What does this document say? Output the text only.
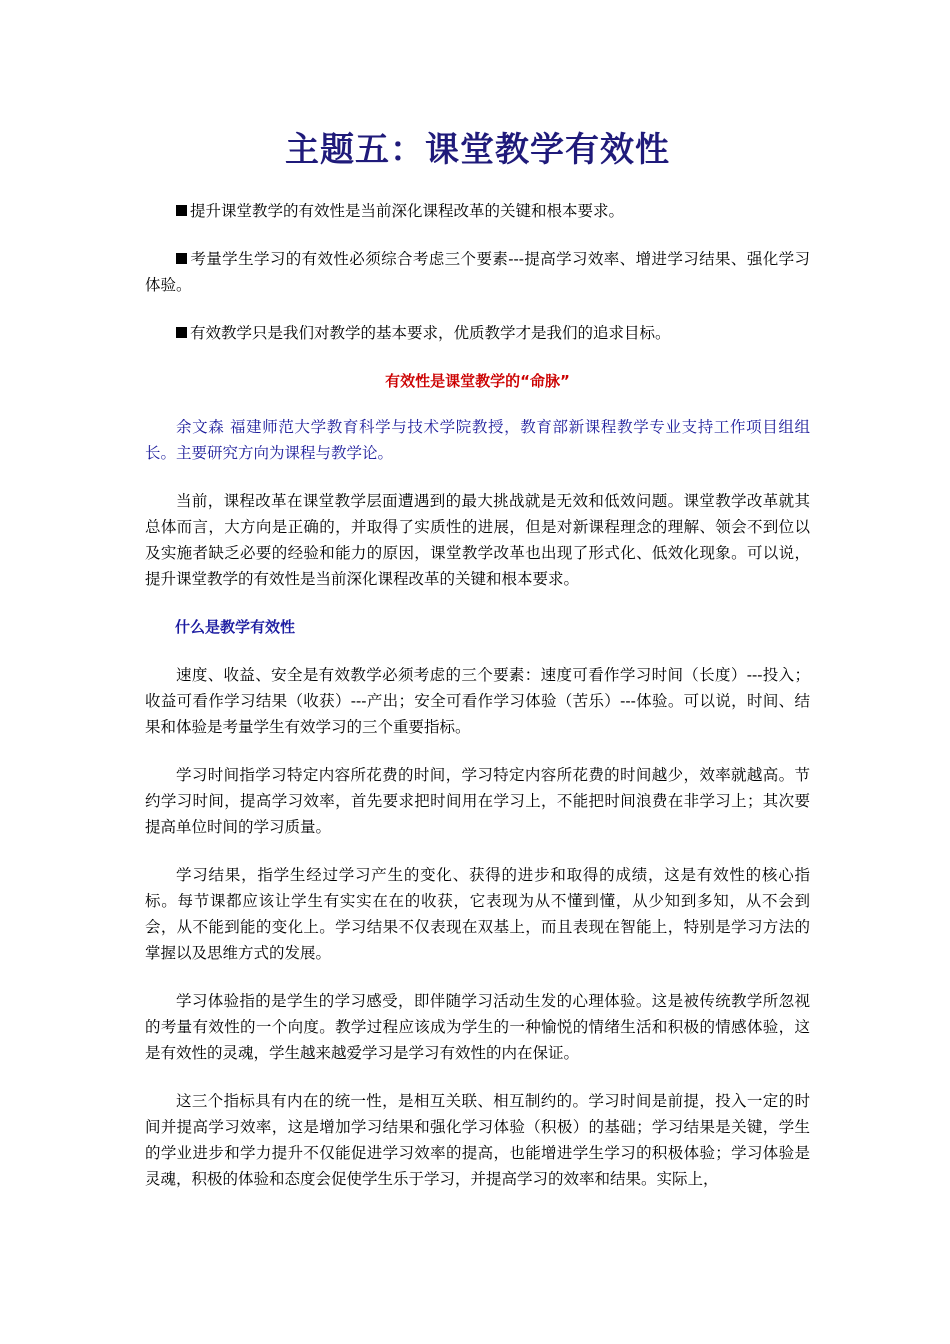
主题五：课堂教学有效性

提升课堂教学的有效性是当前深化课程改革的关键和根本要求。

考量学生学习的有效性必须综合考虑三个要素---提高学习效率、增进学习结果、强化学习体验。

有效教学只是我们对教学的基本要求，优质教学才是我们的追求目标。

有效性是课堂教学的“命脉”

余文森 福建师范大学教育科学与技术学院教授，教育部新课程教学专业支持工作项目组组长。主要研究方向为课程与教学论。

当前，课程改革在课堂教学层面遭遇到的最大挑战就是无效和低效问题。课堂教学改革就其总体而言，大方向是正确的，并取得了实质性的进展，但是对新课程理念的理解、领会不到位以及实施者缺乏必要的经验和能力的原因，课堂教学改革也出现了形式化、低效化现象。可以说，提升课堂教学的有效性是当前深化课程改革的关键和根本要求。

什么是教学有效性

速度、收益、安全是有效教学必须考虑的三个要素：速度可看作学习时间（长度）---投入；收益可看作学习结果（收获）---产出；安全可看作学习体验（苦乐）---体验。可以说，时间、结果和体验是考量学生有效学习的三个重要指标。

学习时间指学习特定内容所花费的时间，学习特定内容所花费的时间越少，效率就越高。节约学习时间，提高学习效率，首先要求把时间用在学习上，不能把时间浪费在非学习上；其次要提高单位时间的学习质量。

学习结果，指学生经过学习产生的变化、获得的进步和取得的成绩，这是有效性的核心指标。每节课都应该让学生有实实在在的收获，它表现为从不懂到懂，从少知到多知，从不会到会，从不能到能的变化上。学习结果不仅表现在双基上，而且表现在智能上，特别是学习方法的掌握以及思维方式的发展。

学习体验指的是学生的学习感受，即伴随学习活动生发的心理体验。这是被传统教学所忽视的考量有效性的一个向度。教学过程应该成为学生的一种愉悦的情绪生活和积极的情感体验，这是有效性的灵魂，学生越来越爱学习是学习有效性的内在保证。

这三个指标具有内在的统一性，是相互关联、相互制约的。学习时间是前提，投入一定的时间并提高学习效率，这是增加学习结果和强化学习体验（积极）的基础；学习结果是关键，学生的学业进步和学力提升不仅能促进学习效率的提高，也能增进学生学习的积极体验；学习体验是灵魂，积极的体验和态度会促使学生乐于学习，并提高学习的效率和结果。实际上，
